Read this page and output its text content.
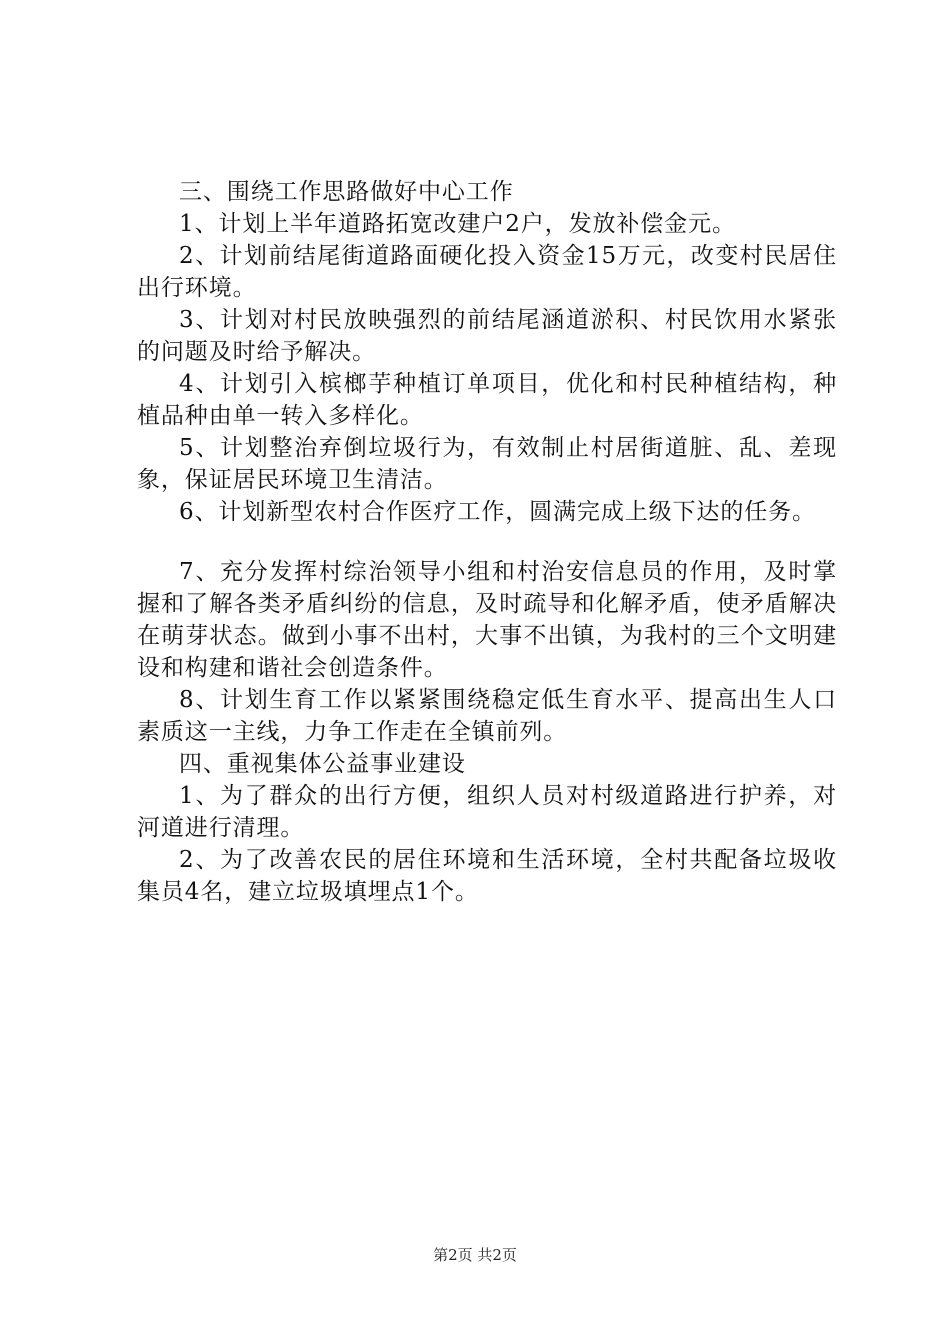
三、围绕工作思路做好中心工作

1、计划上半年道路拓宽改建户2户，发放补偿金元。

2、计划前结尾街道路面硬化投入资金15万元，改变村民居住出行环境。

3、计划对村民放映强烈的前结尾涵道淤积、村民饮用水紧张的问题及时给予解决。

4、计划引入槟榔芋种植订单项目，优化和村民种植结构，种植品种由单一转入多样化。

5、计划整治弃倒垃圾行为，有效制止村居街道脏、乱、差现象，保证居民环境卫生清洁。

6、计划新型农村合作医疗工作，圆满完成上级下达的任务。

7、充分发挥村综治领导小组和村治安信息员的作用，及时掌握和了解各类矛盾纠纷的信息，及时疏导和化解矛盾，使矛盾解决在萌芽状态。做到小事不出村，大事不出镇，为我村的三个文明建设和构建和谐社会创造条件。

8、计划生育工作以紧紧围绕稳定低生育水平、提高出生人口素质这一主线，力争工作走在全镇前列。

四、重视集体公益事业建设

1、为了群众的出行方便，组织人员对村级道路进行护养，对河道进行清理。

2、为了改善农民的居住环境和生活环境，全村共配备垃圾收集员4名，建立垃圾填埋点1个。

第2页 共2页
